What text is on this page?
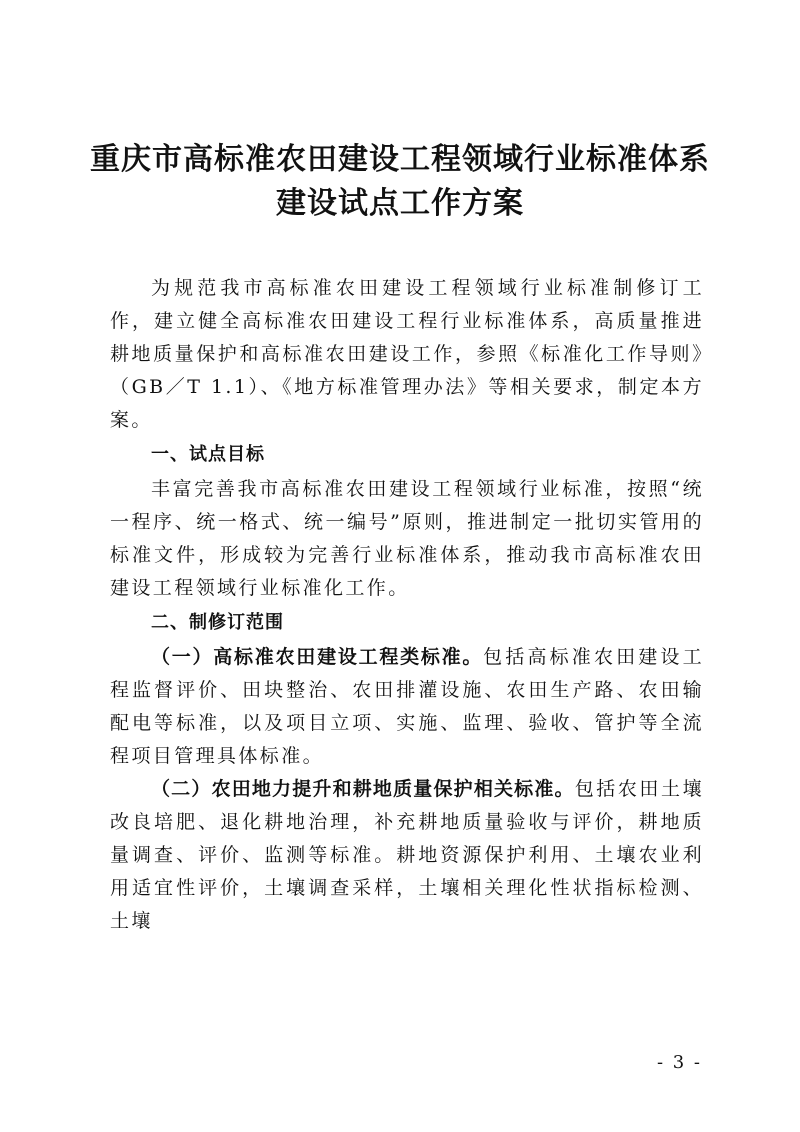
重庆市高标准农田建设工程领域行业标准体系
建设试点工作方案

为规范我市高标准农田建设工程领域行业标准制修订工作，建立健全高标准农田建设工程行业标准体系，高质量推进耕地质量保护和高标准农田建设工作，参照《标准化工作导则》（GB／T 1.1）、《地方标准管理办法》等相关要求，制定本方案。

一、试点目标

丰富完善我市高标准农田建设工程领域行业标准，按照“统一程序、统一格式、统一编号”原则，推进制定一批切实管用的标准文件，形成较为完善行业标准体系，推动我市高标准农田建设工程领域行业标准化工作。

二、制修订范围

（一）高标准农田建设工程类标准。包括高标准农田建设工程监督评价、田块整治、农田排灌设施、农田生产路、农田输配电等标准，以及项目立项、实施、监理、验收、管护等全流程项目管理具体标准。

（二）农田地力提升和耕地质量保护相关标准。包括农田土壤改良培肥、退化耕地治理，补充耕地质量验收与评价，耕地质量调查、评价、监测等标准。耕地资源保护利用、土壤农业利用适宜性评价，土壤调查采样，土壤相关理化性状指标检测、土壤

- 3 -
